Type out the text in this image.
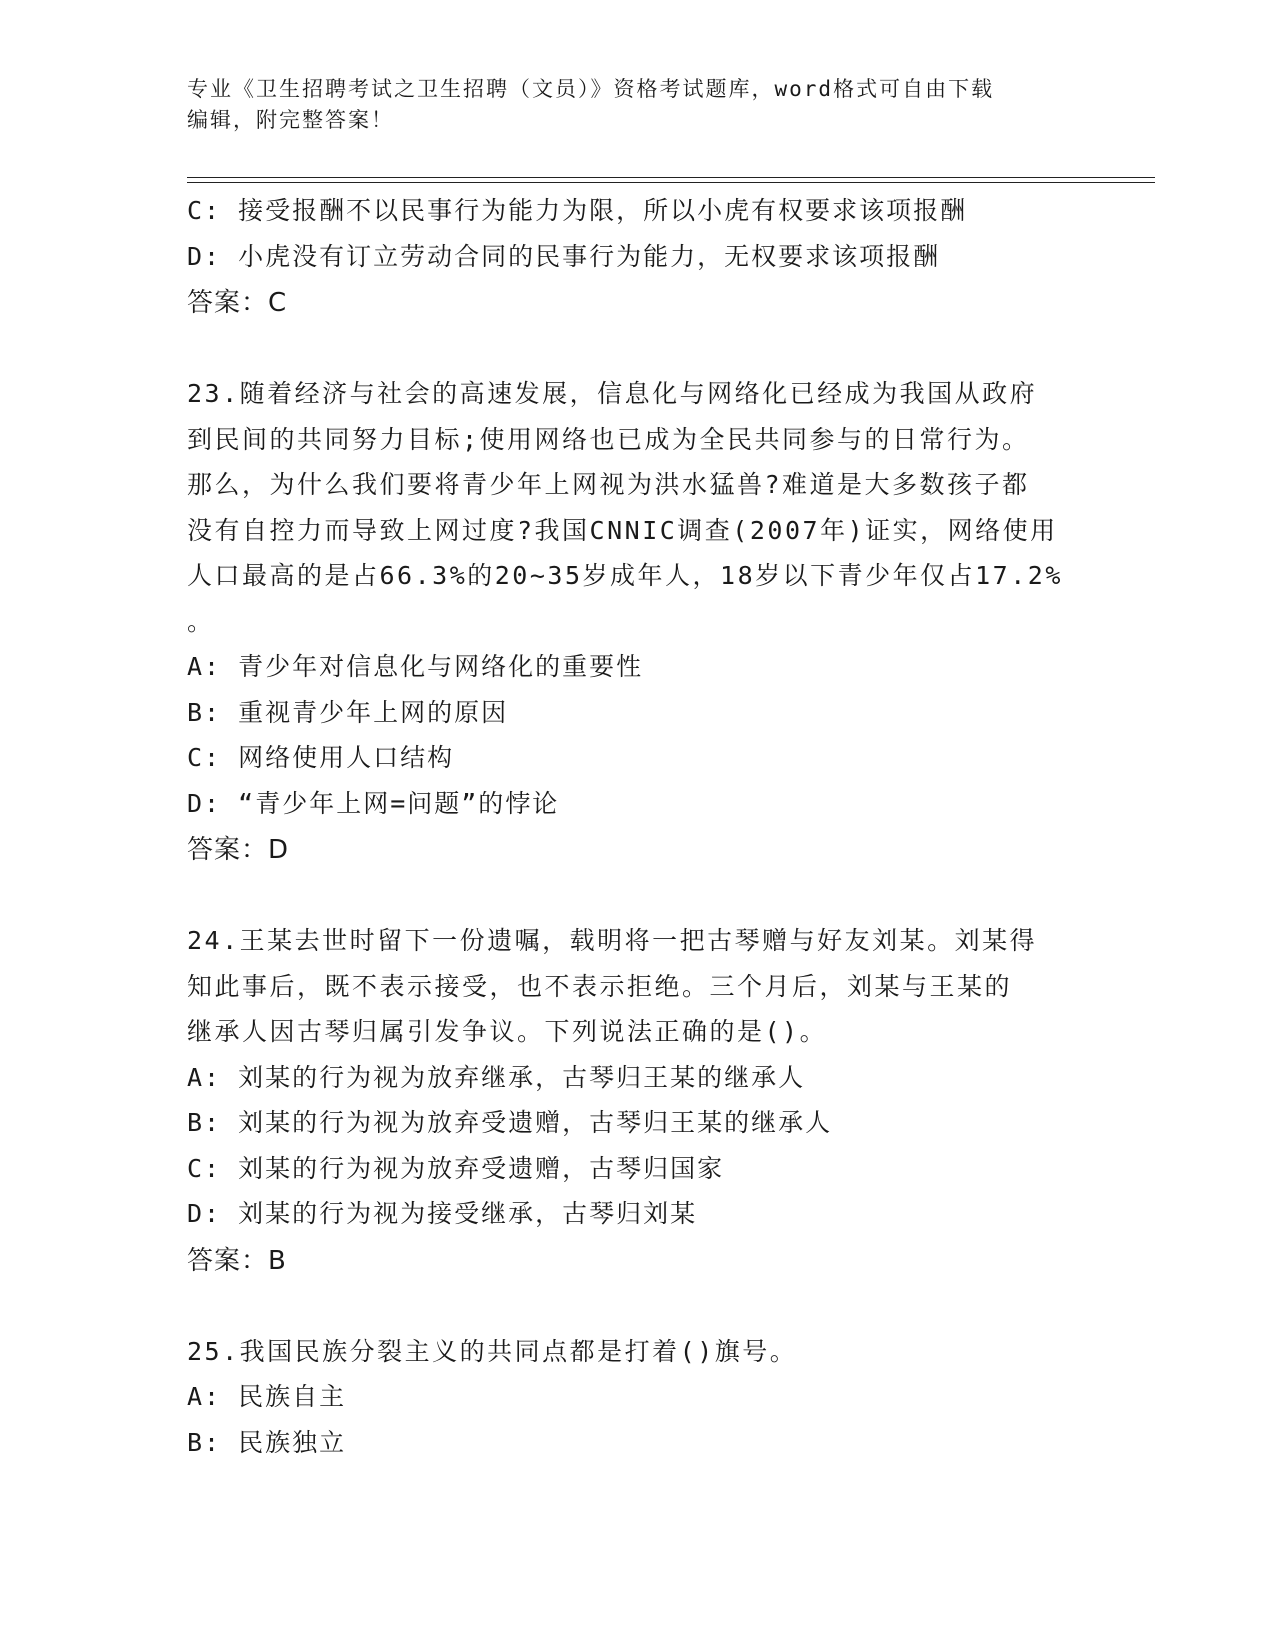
专业《卫生招聘考试之卫生招聘（文员）》资格考试题库，word格式可自由下载
编辑，附完整答案！
C: 接受报酬不以民事行为能力为限，所以小虎有权要求该项报酬
D: 小虎没有订立劳动合同的民事行为能力，无权要求该项报酬
答案：C
23.随着经济与社会的高速发展，信息化与网络化已经成为我国从政府
到民间的共同努力目标;使用网络也已成为全民共同参与的日常行为。
那么，为什么我们要将青少年上网视为洪水猛兽?难道是大多数孩子都
没有自控力而导致上网过度?我国CNNIC调查(2007年)证实，网络使用
人口最高的是占66.3%的20~35岁成年人，18岁以下青少年仅占17.2%
。
A: 青少年对信息化与网络化的重要性
B: 重视青少年上网的原因
C: 网络使用人口结构
D: “青少年上网=问题”的悖论
答案：D
24.王某去世时留下一份遗嘱，载明将一把古琴赠与好友刘某。刘某得
知此事后，既不表示接受，也不表示拒绝。三个月后，刘某与王某的
继承人因古琴归属引发争议。下列说法正确的是()。
A: 刘某的行为视为放弃继承，古琴归王某的继承人
B: 刘某的行为视为放弃受遗赠，古琴归王某的继承人
C: 刘某的行为视为放弃受遗赠，古琴归国家
D: 刘某的行为视为接受继承，古琴归刘某
答案：B
25.我国民族分裂主义的共同点都是打着()旗号。
A: 民族自主
B: 民族独立
